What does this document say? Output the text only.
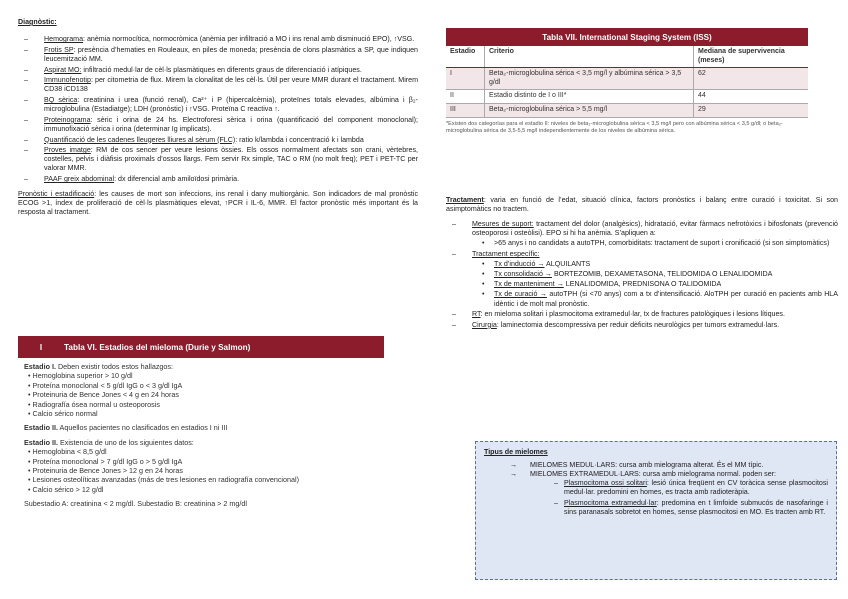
Diagnòstic:

– Hemograma: anèmia normocítica, normocròmica (anèmia per infiltració a MO i ins renal amb disminució EPO), ↑VSG.
– Frotis SP: presència d’hematies en Rouleaux, en piles de moneda; presència de clons plasmàtics a SP, que indiquen leucemització MM.
– Aspirat MO: infiltració medul·lar de cèl·ls plasmàtiques en diferents graus de diferenciació i atípiques.
– Immunofenotip: per citometria de flux. Mirem la clonalitat de les cèl·ls. Útil per veure MMR durant el tractament. Mirem CD38 iCD138
– BQ sèrica: creatinina i urea (funció renal), Ca²⁺ i P (hipercalcèmia), proteïnes totals elevades, albúmina i β₂-microglobulina (Estadiatge); LDH (pronòstic) i ↑VSG. Proteïna C reactiva ↑.
– Proteinograma: sèric i orina de 24 hs. Electroforesi sèrica i orina (quantificació del component monoclonal); immunofixació sèrica i orina (determinar Ig implicats).
– Quantificació de les cadenes lleugeres lliures al sèrum (FLC): ratio k/lambda i concentració k i lambda
– Proves imatge: RM de cos sencer per veure lesions òssies. Els ossos normalment afectats son crani, vèrtebres, costelles, pelvis i diàfisis proximals d’ossos llargs. Fem servir Rx simple, TAC o RM (no molt freq); PET i PET-TC per valorar MMR.
– PAAF greix abdominal: dx diferencial amb amiloïdosi primària.

Pronòstic i estadificació: les causes de mort son infeccions, ins renal i dany multiorgànic. Son indicadors de mal pronòstic ECOG >1, índex de proliferació de cèl·ls plasmàtiques elevat, ↑PCR i IL-6, MMR. El factor pronòstic més important és la resposta al tractament.

I	Tabla VI. Estadios del mieloma (Durie y Salmon)
Estadio I. Deben existir todos estos hallazgos:
• Hemoglobina superior > 10 g/dl
• Proteína monoclonal < 5 g/dl IgG o < 3 g/dl IgA
• Proteinuria de Bence Jones < 4 g en 24 horas
• Radiografía ósea normal u osteoporosis
• Calcio sérico normal
Estadio II. Aquellos pacientes no clasificados en estadios I ni III
Estadio II. Existencia de uno de los siguientes datos:
• Hemoglobina < 8,5 g/dl
• Proteína monoclonal > 7 g/dl IgG o > 5 g/dl IgA
• Proteinuria de Bence Jones > 12 g en 24 horas
• Lesiones osteolíticas avanzadas (más de tres lesiones en radiografía convencional)
• Calcio sérico > 12 g/dl
Subestadio A: creatinina < 2 mg/dl. Subestadio B: creatinina > 2 mg/dl
Tabla VII. International Staging System (ISS)
Estadio	Criterio	Mediana de supervivencia (meses)
I	Beta₂-microglobulina sérica < 3,5 mg/l y albúmina sérica > 3,5 g/dl	62
II	Estadio distinto de I o III*	44
III	Beta₂-microglobulina sérica > 5,5 mg/l	29
*Existen dos categorías para el estadio II: niveles de beta₂-microglobulina sérica < 3,5 mg/l pero con albúmina sérica < 3,5 g/dl; o beta₂-microglobulina sérica de 3,5-5,5 mg/l independientemente de los niveles de albúmina sérica.

Tractament: varia en funció de l’edat, situació clínica, factors pronòstics i balanç entre curació i toxicitat. Si son asimptomàtics no tractem.

– Mesures de suport: tractament del dolor (analgèsics), hidratació, evitar fàrmacs nefrotòxics i bifosfonats (prevenció osteoporosi i osteòlisi). EPO si hi ha anèmia. S’apliquen a:
• >65 anys i no candidats a autoTPH, comorbiditats: tractament de suport i cronificació (si son simptomàtics)
– Tractament específic:
• Tx d’inducció → ALQUILANTS
• Tx consolidació → BORTEZOMIB, DEXAMETASONA, TELIDOMIDA O LENALIDOMIDA
• Tx de manteniment → LENALIDOMIDA, PREDNISONA O TALIDOMIDA
• Tx de curació → autoTPH (si <70 anys) com a tx d’intensificació. AloTPH per curació en pacients amb HLA idèntic i de molt mal pronòstic.
– RT: en mieloma solitari i plasmocitoma extramedul·lar, tx de fractures patològiques i lesions lítiques.
– Cirurgia: laminectomia descompressiva per reduir dèficits neurològics per tumors extramedul·lars.
Tipus de mielomes
→ MIELOMES MEDUL·LARS: cursa amb mielograma alterat. És el MM típic.
→ MIELOMES EXTRAMEDUL·LARS: cursa amb mielograma normal. poden ser:
– Plasmocitoma ossi solitari: lesió única freqüent en CV toràcica sense plasmocitosi medul·lar. predomini en homes, es tracta amb radioteràpia.
– Plasmocitoma extramedul·lar: predomina en t limfoide submucós de nasofaringe i sins paranasals sobretot en homes, sense plasmocitosi en MO. Es tracten amb RT.
